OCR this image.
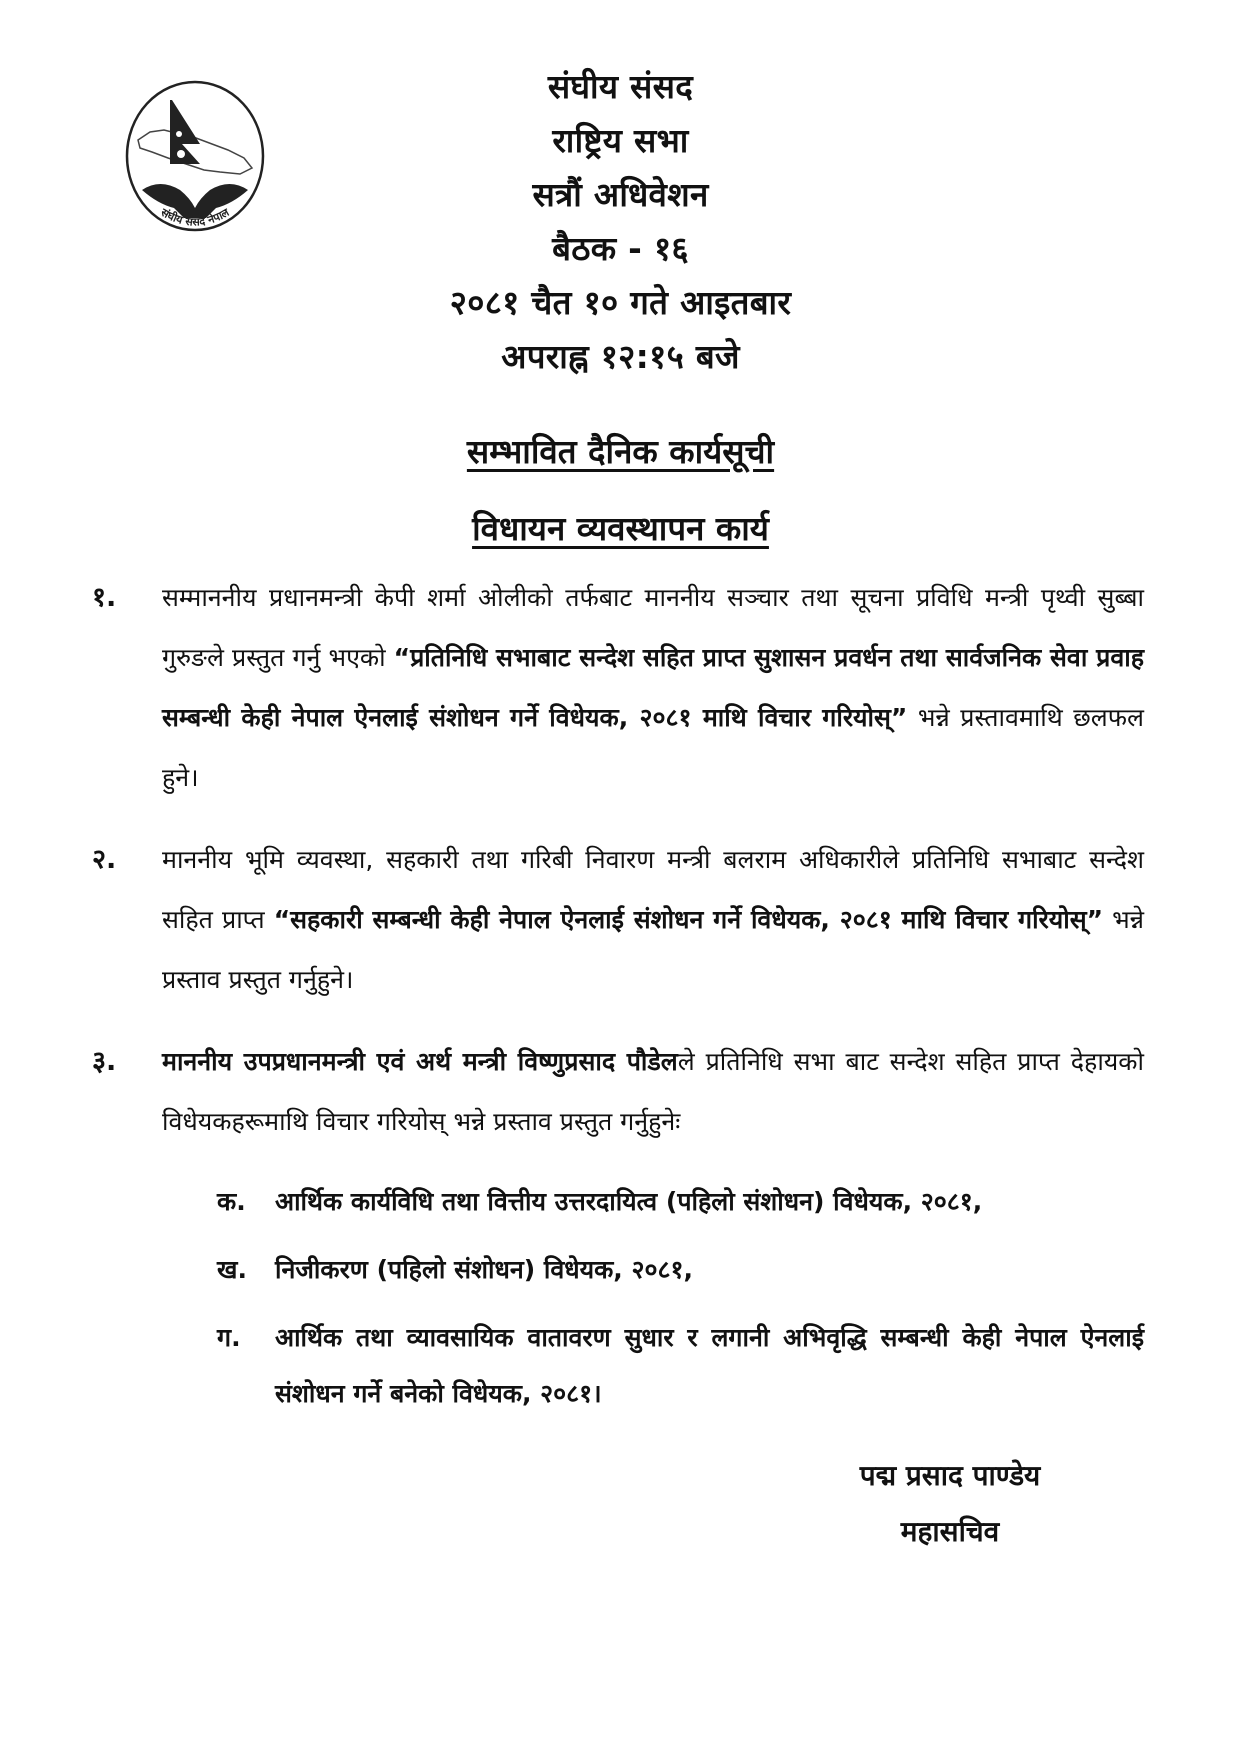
संघीय संसद नेपाल
संघीय संसद
राष्ट्रिय सभा
सत्रौं अधिवेशन
बैठक - १६
२०८१ चैत १० गते आइतबार
अपराह्न १२:१५ बजे
सम्भावित दैनिक कार्यसूची
विधायन व्यवस्थापन कार्य
१.	सम्माननीय प्रधानमन्त्री केपी शर्मा ओलीको तर्फबाट माननीय सञ्चार तथा सूचना प्रविधि मन्त्री पृथ्वी सुब्बा गुरुङले प्रस्तुत गर्नु भएको “प्रतिनिधि सभाबाट सन्देश सहित प्राप्त सुशासन प्रवर्धन तथा सार्वजनिक सेवा प्रवाह सम्बन्धी केही नेपाल ऐनलाई संशोधन गर्ने विधेयक, २०८१ माथि विचार गरियोस्” भन्ने प्रस्तावमाथि छलफल हुने।
२.	माननीय भूमि व्यवस्था, सहकारी तथा गरिबी निवारण मन्त्री बलराम अधिकारीले प्रतिनिधि सभाबाट सन्देश सहित प्राप्त “सहकारी सम्बन्धी केही नेपाल ऐनलाई संशोधन गर्ने विधेयक, २०८१ माथि विचार गरियोस्” भन्ने प्रस्ताव प्रस्तुत गर्नुहुने।
३.	माननीय उपप्रधानमन्त्री एवं अर्थ मन्त्री विष्णुप्रसाद पौडेलले प्रतिनिधि सभा बाट सन्देश सहित प्राप्त देहायको विधेयकहरूमाथि विचार गरियोस् भन्ने प्रस्ताव प्रस्तुत गर्नुहुनेः
क.	आर्थिक कार्यविधि तथा वित्तीय उत्तरदायित्व (पहिलो संशोधन) विधेयक, २०८१,
ख.	निजीकरण (पहिलो संशोधन) विधेयक, २०८१,
ग.	आर्थिक तथा व्यावसायिक वातावरण सुधार र लगानी अभिवृद्धि सम्बन्धी केही नेपाल ऐनलाई संशोधन गर्ने बनेको विधेयक, २०८१।
पद्म प्रसाद पाण्डेय
महासचिव
